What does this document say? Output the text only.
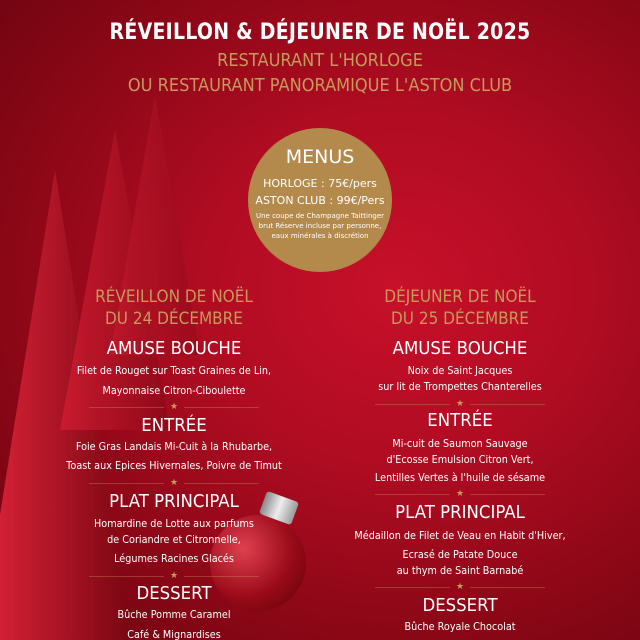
RÉVEILLON & DÉJEUNER DE NOËL 2025
RESTAURANT L'HORLOGE
OU RESTAURANT PANORAMIQUE L'ASTON CLUB
MENUS
HORLOGE : 75€/pers
ASTON CLUB : 99€/Pers
Une coupe de Champagne Taittinger
brut Réserve incluse par personne,
eaux minérales à discrétion
RÉVEILLON DE NOËL
DU 24 DÉCEMBRE
AMUSE BOUCHE
Filet de Rouget sur Toast Graines de Lin,
Mayonnaise Citron-Ciboulette
★
ENTRÉE
Foie Gras Landais Mi-Cuit à la Rhubarbe,
Toast aux Epices Hivernales, Poivre de Timut
★
PLAT PRINCIPAL
Homardine de Lotte aux parfums
de Coriandre et Citronnelle,
Légumes Racines Glacés
★
DESSERT
Bûche Pomme Caramel
Café & Mignardises
DÉJEUNER DE NOËL
DU 25 DÉCEMBRE
AMUSE BOUCHE
Noix de Saint Jacques
sur lit de Trompettes Chanterelles
★
ENTRÉE
Mi-cuit de Saumon Sauvage
d'Ecosse Emulsion Citron Vert,
Lentilles Vertes à l'huile de sésame
★
PLAT PRINCIPAL
Médaillon de Filet de Veau en Habit d'Hiver,
Ecrasé de Patate Douce
au thym de Saint Barnabé
★
DESSERT
Bûche Royale Chocolat
